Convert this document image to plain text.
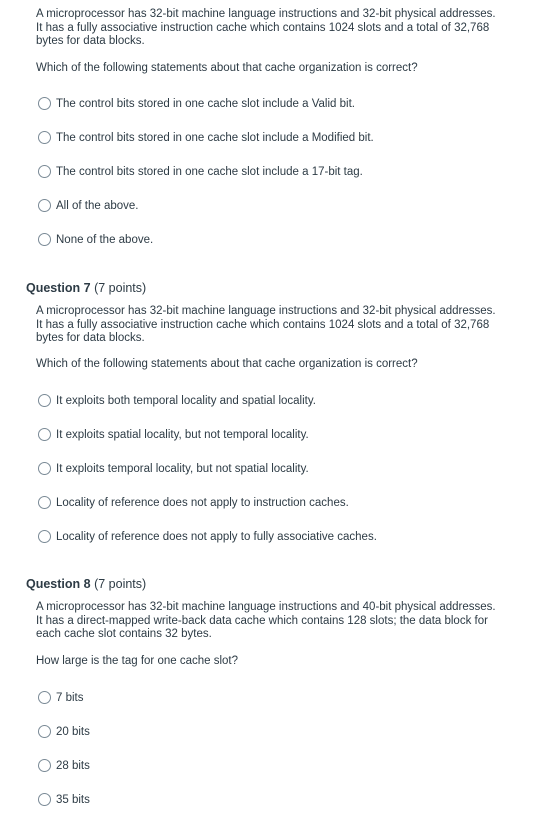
A microprocessor has 32-bit machine language instructions and 32-bit physical addresses. It has a fully associative instruction cache which contains 1024 slots and a total of 32,768 bytes for data blocks.
Which of the following statements about that cache organization is correct?
The control bits stored in one cache slot include a Valid bit.
The control bits stored in one cache slot include a Modified bit.
The control bits stored in one cache slot include a 17-bit tag.
All of the above.
None of the above.
Question 7 (7 points)
A microprocessor has 32-bit machine language instructions and 32-bit physical addresses. It has a fully associative instruction cache which contains 1024 slots and a total of 32,768 bytes for data blocks.
Which of the following statements about that cache organization is correct?
It exploits both temporal locality and spatial locality.
It exploits spatial locality, but not temporal locality.
It exploits temporal locality, but not spatial locality.
Locality of reference does not apply to instruction caches.
Locality of reference does not apply to fully associative caches.
Question 8 (7 points)
A microprocessor has 32-bit machine language instructions and 40-bit physical addresses. It has a direct-mapped write-back data cache which contains 128 slots; the data block for each cache slot contains 32 bytes.
How large is the tag for one cache slot?
7 bits
20 bits
28 bits
35 bits
